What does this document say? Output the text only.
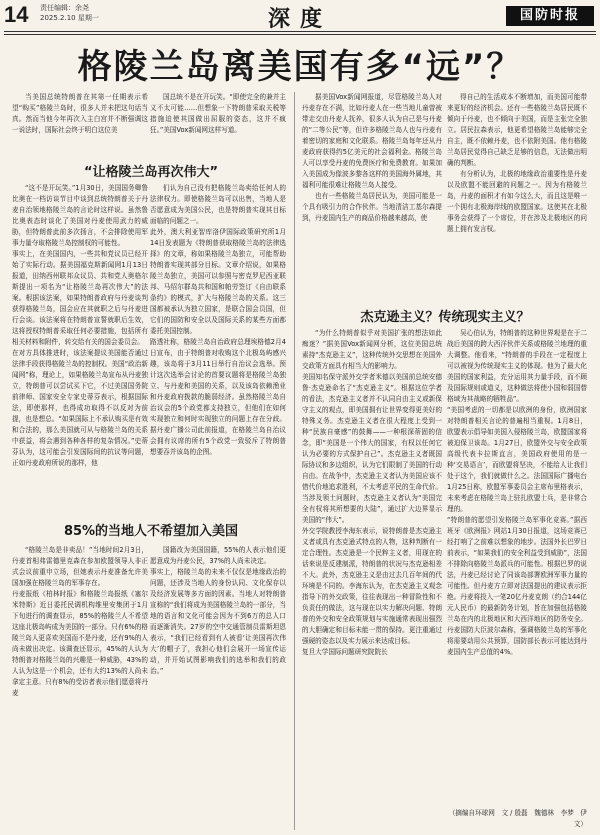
14 责任编辑：余尧
2025.2.10 星期一	深度	国防时报
格陵兰岛离美国有多“远”？

当美国总统特朗普在其第一任期表示希望“购买”格陵兰岛时，很多人并未把这句话当真。然而当他今年再次入主白宫并不断强调这一说法时，国际社会终于明白这位美

国总统不是在开玩笑。“即使完全的兼并主义不太可能……但想象一下特朗普采取关税等措施迫使其国做出屈服的姿态，这并不疯狂。”美国Vox新闻网这样写道。

据美国Vox新闻网报道，尽管格陵兰岛人对丹麦存在不满，比如丹麦人在一些当地儿童曾被带走交由丹麦人抚养，很多人认为自己是与丹麦的“二等公民”等，但许多格陵兰岛人也与丹麦有着密切的家庭和文化联系。格陵兰岛每年还从丹麦政府获得约5亿美元的社会福利金。格陵兰岛人可以享受丹麦的免费医疗和免费教育。如果加入美国成为像波多黎各这样的美国海外属地，其福利可能很难让格陵兰岛人接受。

也有一些格陵兰岛居民认为，美国可能是一个具有吸引力的合作伙伴。当地清洁工基尔森提到，丹麦国内生产的商品价格越来越高，使

得自己的生活成本不断增加，而美国可能带来更好的经济机会。还有一些格陵兰岛居民既不倾向于丹麦，也不倾向于美国，而是主张完全独立。居民拉森表示，他更希望格陵兰岛能够完全自主，既不依赖丹麦，也不依附美国。他有格陵兰岛居民觉得自己缺乏足够的信息，无法做出明确的判断。

有分析认为，北极的地缘政治重要性是丹麦以及欧盟不能回避的问题之一。因为有格陵兰岛，丹麦的面积才有如今这么大，而且这是唯一一个拥有北极海岸线的欧盟国家。这使其在北极事务会获得了一个席位，并在涉及北极地区的问题上拥有发言权。

“让格陵兰岛再次伟大”

“这不是开玩笑。”1月30日，美国国务卿鲁比奥在一档访谈节目中谈到总统特朗普关于丹麦自治领地格陵兰岛的言论时这样说。虽然鲁比奥表态时谈化了美国对丹麦使用武力的威胁，但特朗普此前多次扬言，不会排除使用军事力量夺取格陵兰岛控制权的可能性。
事实上，在美国国内，一些共和党议员已经开始了实际行动。据美国福克斯新闻网1月13日报道，田纳西州联邦众议员、共和党人奥格尔斯提出一项名为“让格陵兰岛再次伟大”的法案。根据该法案，如果特朗普政府与丹麦谈判获得格陵兰岛，国会应在其就职之后与丹麦进行会谈。该法案将在特朗普宣誓就职后生效，这将授权特朗普采取任何必要措施，包括所有相关材料和附件，转交给有关的国会委员会。
在对方具体推进时，该法案提议美国能否通过法律手段获得格陵兰岛的控制权。美国“政治新闻网”称，理论上，如果格陵兰岛宣布从丹麦独立，特朗普可以尝试买下它，不过美国国务院前律师、国家安全专家史蒂芬表示，根据国际法，即使那样，也得成功取得不以反对为前提，也是想总。“如果国际上不承认购买是有效和合法的，那么美国就可从与格陵兰岛的关系中获益，将会遇到各种各样的复杂情况。”史蒂芬认为，这可能会引发国际间的抗议等问题，正如丹麦政府所说的那样，他

们认为自己没有把格陵兰岛卖给任何人的法律权力。即使格陵兰岛可以出售，当地人是否愿意成为美国公民，也是特朗普实现其目标面临的问题之一。
此外，澳大利亚智库洛伊国际政策研究所1月14日发表题为《特朗普获取格陵兰岛的法律选择》的文章，称如果格陵兰岛独立，可能帮助特朗普实现其部分目标。文章介绍说，如果格陵兰岛独立，美国可以参照与密克罗尼西亚联邦、马绍尔群岛共和国和帕劳签订《自由联系条约》的模式，扩大与格陵兰岛的关系。这三国都被承认为独立国家，是联合国会员国，但它们的国防和安全以及国际关系的某些方面都委托美国控制。
路透社称，格陵兰岛自治政府总理埃格德2月4日宣布，由于特朗普对收购这个北极岛屿感兴趣，该岛将于3月11日举行自治议会选举。预计这次选举会讨论的首要议题将是格陵兰岛独立、与丹麦和美国的关系，以及该岛依赖渔业和丹麦政府拨款的脆弱经济。虽然格陵兰岛自治议会的5个政党都支持独立，但他们在如何实现独立和何时实现独立的问题上存在分歧。据丹麦广播公司此前报道，在格陵兰岛自治议会拥有议席的所有5个政党一致驳斥了特朗普想要吞并该岛的企图。

杰克逊主义？传统现实主义？

“为什么特朗普似乎对美国扩张的想法如此痴迷？”据美国Vox新闻网分析，这位美国总统素持“杰克逊主义”，这种传统外交思想在美国外交政策方面具有相当大的影响力。
美国知名保守派外交学者米德以美国前总统安德鲁·杰克逊命名了“杰克逊主义”。根据这位学者的看法，杰克逊主义者并不认同自由主义或新保守主义的观点，即美国拥有让世界变得更美好的特殊义务。杰克逊主义者在很大程度上受到一种“民族自豪感”的鼓舞——一种根深蒂固的信念，即“美国是一个伟大的国家，有权以任何它认为必要的方式保护自己”。杰克逊主义者既国际协议和多边组织，认为它们限制了美国的行动自由。在战争中，杰克逊主义者认为美国应该不惜代价地追求胜利，不太考虑平民的生命代价。当涉及领土问题时，杰克逊主义者认为“美国完全有权将其所想要的大陆”，通过扩大边界显示美国的“伟大”。
外交学院教授李海东表示，说特朗普是杰克逊主义者或具有杰克逊式特点的人物，这种判断有一定合理性。杰克逊是一个民粹主义者，用现在的话来说是反建制派，特朗普的状况与杰克逊相差不大。此外，杰克逊主义是由过去几百年间的代环境是不同的。李海东认为，在杰克逊主义观念指导下的外交政策，往往表现出一种冒险性和不负责任的做法，这与现在以实力解决问题、特朗普的外交和安全政策规划与实施通常表现出强烈的大胆确定和目标未能一贯的保持。更注重通过强硬的姿态以及实力展示来达成目标。
复旦大学国际问题研究院院长

吴心伯认为，特朗普的这种世界观是在于二战后美国的跨大西洋伙伴关系或格陵兰地理的重大调整。他看来，“特朗普的手段在一定程度上可以被视为传统现实主义的体现。他为了最大化美国的国家利益，充分运用其力量手段，而不顾及国际规则或道义，这种做法将使小国和弱国替格域为其战略的牺牲品”。
“美国考虑的一切都是以欧洲的身份，欧洲国家对特朗普相关言论的普遍相当重视。1月8日，欧盟表示倡导如美国入侵格陵兰岛，欧盟国家将被迫保卫该岛。1月27日，欧盟外交与安全政策高级代表卡拉斯直言，美国政府使用的是一种‘交易语言’，而欧盟将坚决，不能给人让我们处于这个，我们就做什么之。法国国际广播电台1月25日称，欧盟军事委员会主席布里格表示，未来考虑在格陵兰岛上驻扎欧盟士兵，是非常合理的。
“特朗普的愿望引发格陵兰岛军事化竞赛。”据西班牙《欧洲报》网站1月30日报道，这场竞赛已经打响了之前难以想象的地步。法国外长巴罗日前表示，“如果我们的安全利益受到威胁”，法国不排除向格陵兰岛派兵的可能性。根据巴罗的说法，丹麦已经讨论了同该岛部署欧洲军事力量的可能性。但丹麦方立即对法国提出的建议表示拒绝。丹麦将投入一笔20亿丹麦克朗（约合144亿元人民币）的最新防务计划，旨在加强包括格陵兰岛在内的北极地区和大西洋地区的防务安全。丹麦国防大臣波尔森称，强调格陵兰岛的军事化将需要动用公共预算，国防部长表示可能达到丹麦国内生产总值的4%。

（摘编自环球网　文 / 殷磊　魏德林　李梦　伊文）
85%的当地人不希望加入美国

“格陵兰岛是非卖品！”当地时间2月3日，丹麦首相弗雷德里克森在参加欧盟领导人非正式会议前重申立场，但她表示丹麦准备允许美国加强在格陵兰岛的军事存在。
丹麦报纸《柏林时报》和格陵兰岛报纸《塞尔米特斯》近日委托民调机构维里安集团于1月下旬进行的调查显示，85%的格陵兰人不希望这座北极岛屿成为美国的一部分。只有6%的格陵兰岛人更喜欢美国而不是丹麦，还有9%的人尚未做出决定。该调查还显示，45%的人认为特朗普对格陵兰岛的兴趣是一种威胁，43%的人认为这是一个机会，还有大约13%的人尚未拿定主意。只有8%的受访者表示他们愿意将丹麦

国籍改为美国国籍，55%的人表示他们更愿意成为丹麦公民，37%的人尚未决定。
事实上，格陵兰岛的未来不仅仅是地缘政治的问题，还涉及当地人的身份认同、文化保存以及经济发展等多方面的因素。当地人对特朗普宣称的“我们将成为美国格陵兰岛的一部分，当地的语言和文化可能会因为不到6万的总人口而逐渐消失。27岁的空中交通管制员雷斯坦恩表示，“我们已经看到有人被看‘让美国再次伟大’的帽子了，我担心他们会展开一场宣传运动，并开始试图影响我们的选举和我们的政治。”
